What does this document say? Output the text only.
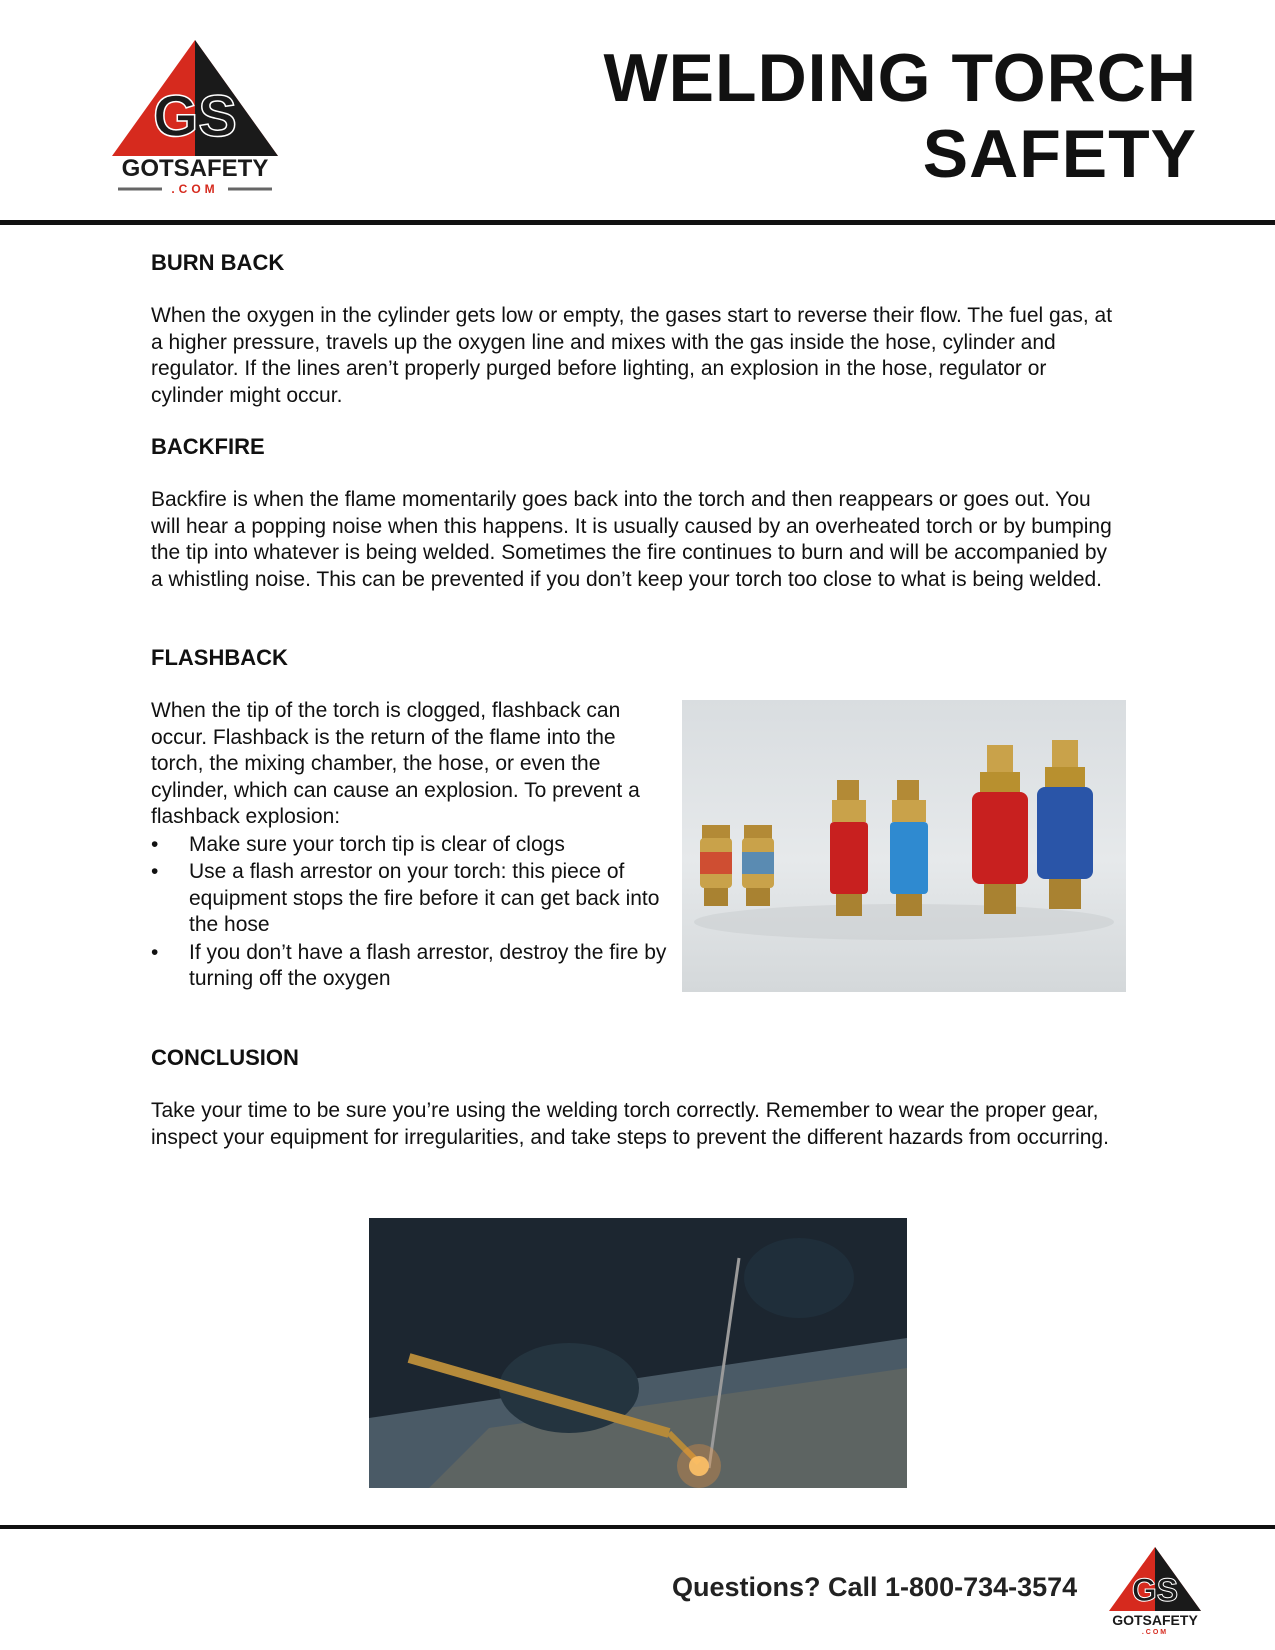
GS
GOTSAFETY
.COM
WELDING TORCH
SAFETY
BURN BACK

When the oxygen in the cylinder gets low or empty, the gases start to reverse their flow. The fuel gas, at a higher pressure, travels up the oxygen line and mixes with the gas inside the hose, cylinder and regulator. If the lines aren’t properly purged before lighting, an explosion in the hose, regulator or cylinder might occur.

BACKFIRE

Backfire is when the flame momentarily goes back into the torch and then reappears or goes out. You will hear a popping noise when this happens. It is usually caused by an overheated torch or by bumping the tip into whatever is being welded. Sometimes the fire continues to burn and will be accompanied by a whistling noise. This can be prevented if you don’t keep your torch too close to what is being welded.

FLASHBACK

When the tip of the torch is clogged, flashback can occur. Flashback is the return of the flame into the torch, the mixing chamber, the hose, or even the cylinder, which can cause an explosion. To prevent a flashback explosion:

• Make sure your torch tip is clear of clogs
• Use a flash arrestor on your torch: this piece of equipment stops the fire before it can get back into the hose
• If you don’t have a flash arrestor, destroy the fire by turning off the oxygen
CONCLUSION

Take your time to be sure you’re using the welding torch correctly. Remember to wear the proper gear, inspect your equipment for irregularities, and take steps to prevent the different hazards from occurring.

Questions? Call 1-800-734-3574 GS
GOTSAFETY
.COM
